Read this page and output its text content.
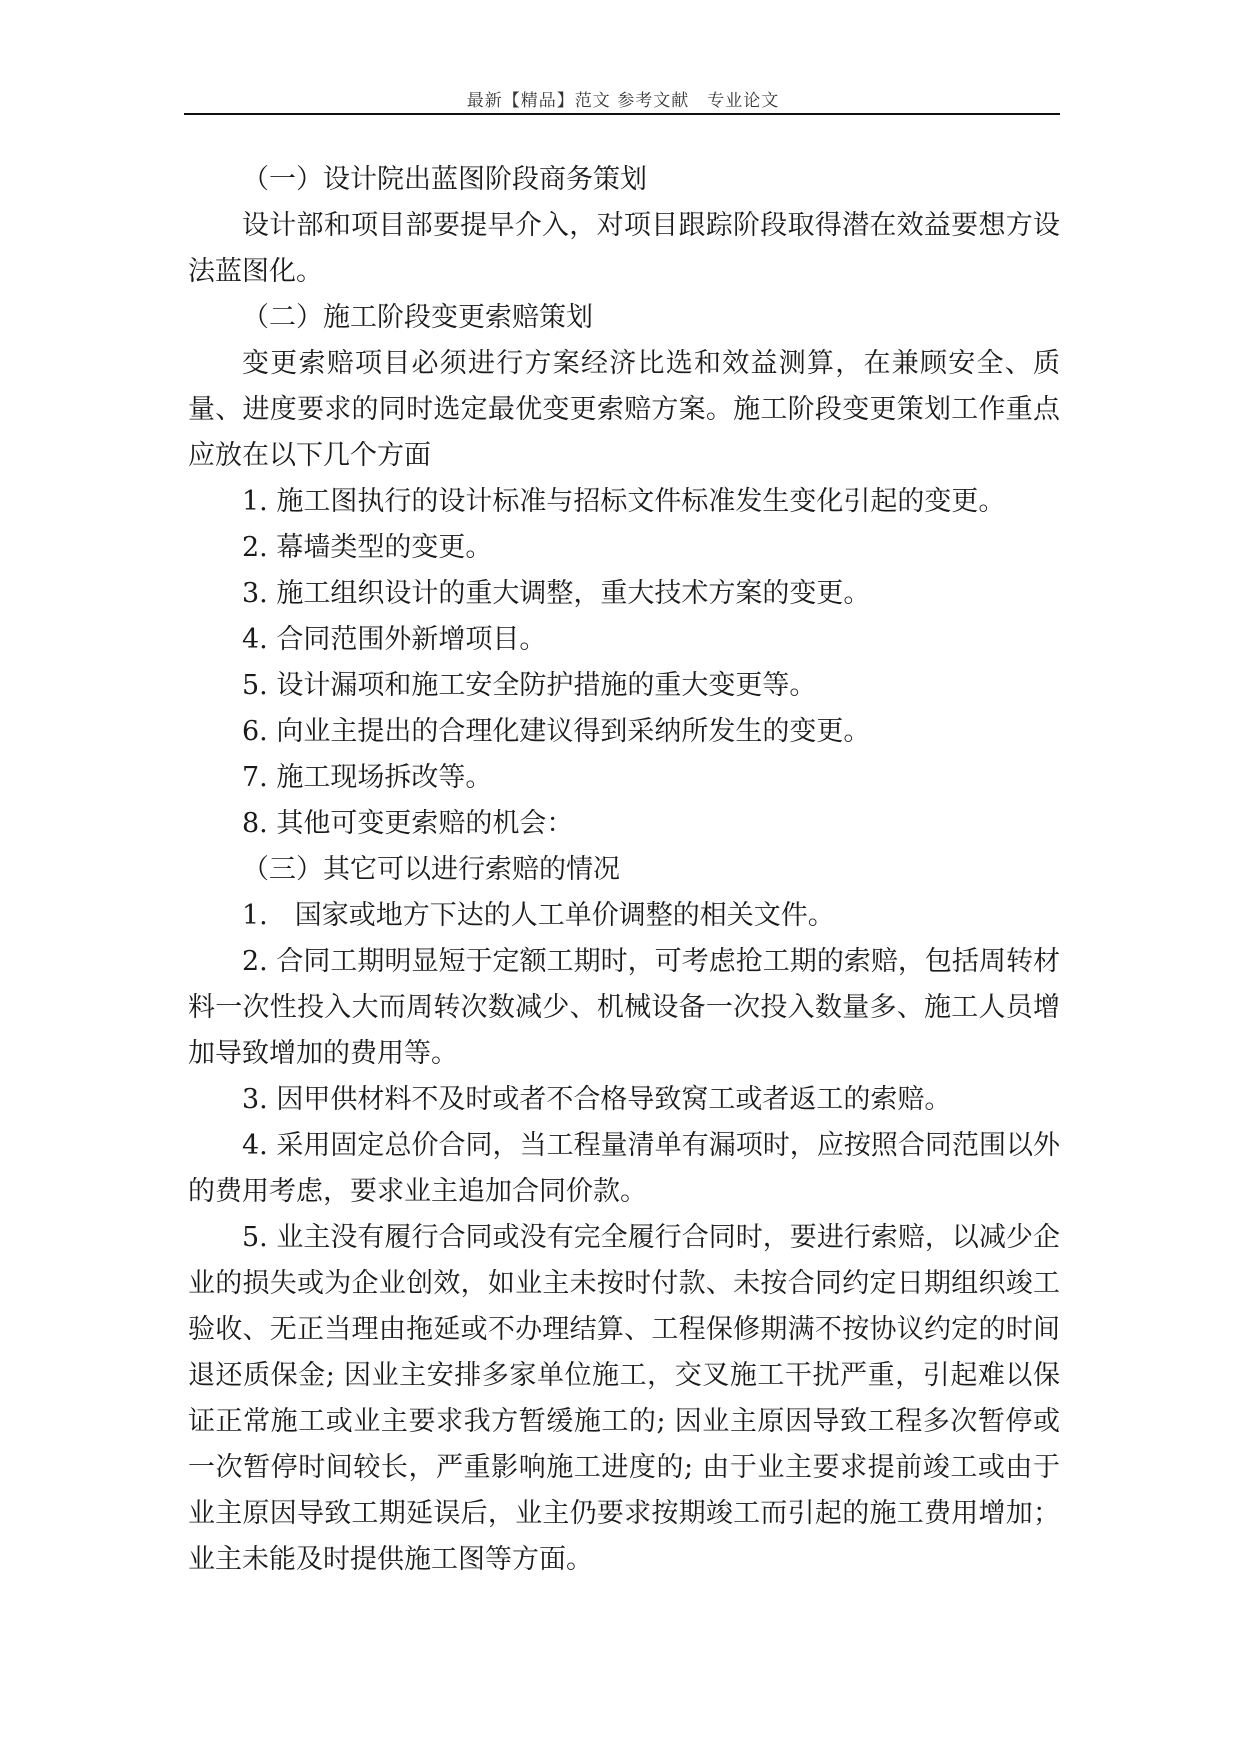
最新【精品】范文 参考文献　专业论文

（一）设计院出蓝图阶段商务策划

设计部和项目部要提早介入，对项目跟踪阶段取得潜在效益要想方设法蓝图化。

（二）施工阶段变更索赔策划

变更索赔项目必须进行方案经济比选和效益测算，在兼顾安全、质量、进度要求的同时选定最优变更索赔方案。施工阶段变更策划工作重点应放在以下几个方面

1. 施工图执行的设计标准与招标文件标准发生变化引起的变更。

2. 幕墙类型的变更。

3. 施工组织设计的重大调整，重大技术方案的变更。

4. 合同范围外新增项目。

5. 设计漏项和施工安全防护措施的重大变更等。

6. 向业主提出的合理化建议得到采纳所发生的变更。

7. 施工现场拆改等。

8. 其他可变更索赔的机会：

（三）其它可以进行索赔的情况

1.　国家或地方下达的人工单价调整的相关文件。

2. 合同工期明显短于定额工期时，可考虑抢工期的索赔，包括周转材料一次性投入大而周转次数减少、机械设备一次投入数量多、施工人员增加导致增加的费用等。

3. 因甲供材料不及时或者不合格导致窝工或者返工的索赔。

4. 采用固定总价合同，当工程量清单有漏项时，应按照合同范围以外的费用考虑，要求业主追加合同价款。

5. 业主没有履行合同或没有完全履行合同时，要进行索赔，以减少企业的损失或为企业创效，如业主未按时付款、未按合同约定日期组织竣工验收、无正当理由拖延或不办理结算、工程保修期满不按协议约定的时间退还质保金; 因业主安排多家单位施工，交叉施工干扰严重，引起难以保证正常施工或业主要求我方暂缓施工的; 因业主原因导致工程多次暂停或一次暂停时间较长，严重影响施工进度的; 由于业主要求提前竣工或由于业主原因导致工期延误后，业主仍要求按期竣工而引起的施工费用增加；业主未能及时提供施工图等方面。
